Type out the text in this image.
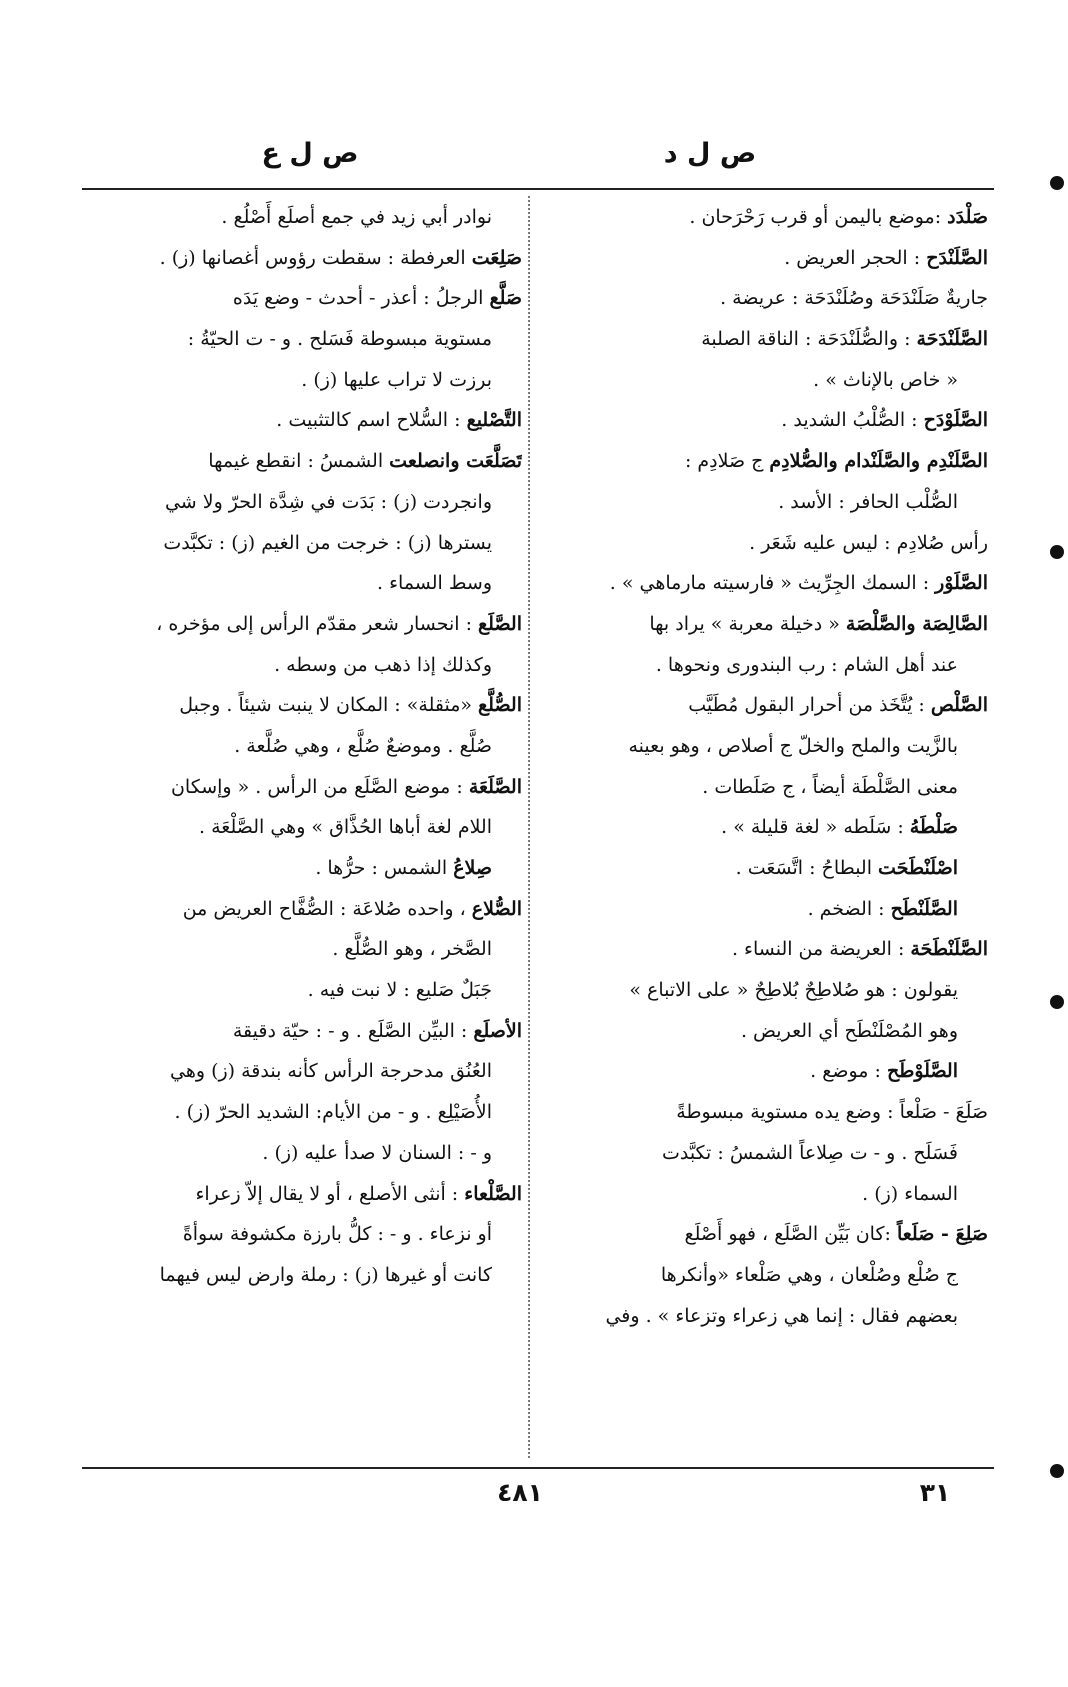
ص ل د
ص ل ع
صَلْدَد :موضع باليمن أو قرب رَحْرَحان .
الصَّلَنْدَح : الحجر العريض .
جاريةٌ صَلَنْدَحَة وصُلَنْدَحَة : عريضة .
الصَّلَنْدَحَة : والصُّلَنْدَحَة : الناقة الصلبة
« خاص بالإناث » .
الصَّلَوْدَح : الصُّلْبُ الشديد .
الصَّلَنْدِم والصَّلَنْدام والصُّلادِم ج صَلادِم :
الصُّلْب الحافر : الأسد .
رأس صُلادِم : ليس عليه شَعَر .
الصَّلَوْر : السمك الجِرِّيث « فارسيته مارماهي » .
الصَّالِصَة والصَّلْصَة « دخيلة معربة » يراد بها
عند أهل الشام : رب البندورى ونحوها .
الصَّلْص : يُتَّخَذ من أحرار البقول مُطَيَّب
بالزَّيت والملح والخلّ ج أصلاص ، وهو بعينه
معنى الصَّلْطَة أيضاً ، ج صَلَطات .
صَلْطَهُ : سَلَطه « لغة قليلة » .
اصْلَنْطَحَت البطاحُ : اتَّسَعَت .
الصَّلَنْطَح : الضخم .
الصَّلَنْطَحَة : العريضة من النساء .
يقولون : هو صُلاطِحٌ بُلاطِحٌ « على الاتباع »
وهو المُصْلَنْطَح أي العريض .
الصَّلَوْطَح : موضع .
صَلَعَ - صَلْعاً : وضع يده مستوية مبسوطةً
فَسَلَح . و - ت صِلاعاً الشمسُ : تكبَّدت
السماء (ز) .
صَلِعَ - صَلَعاً :كان بَيِّن الصَّلَع ، فهو أَصْلَع
ج صُلْع وصُلْعان ، وهي صَلْعاء «وأنكرها
بعضهم فقال : إنما هي زعراء وتزعاء » . وفي
نوادر أبي زيد في جمع أصلَع أَصْلُع .
صَلِعَت العرفطة : سقطت رؤوس أغصانها (ز) .
صَلَّع الرجلُ : أعذر - أحدث - وضع يَدَه
مستوية مبسوطة فَسَلح . و - ت الحيّةُ :
برزت لا تراب عليها (ز) .
التَّصْليع : السُّلاح اسم كالتثبيت .
تَصَلَّعَت وانصلعت الشمسُ : انقطع غيمها
وانجردت (ز) : بَدَت في شِدَّة الحرّ ولا شي
يسترها (ز) : خرجت من الغيم (ز) : تكبَّدت
وسط السماء .
الصَّلَع : انحسار شعر مقدّم الرأس إلى مؤخره ،
وكذلك إذا ذهب من وسطه .
الصُّلَّع «مثقلة» : المكان لا ينبت شيئاً . وجبل
صُلَّع . وموضعٌ صُلَّع ، وهي صُلَّعة .
الصَّلَعَة : موضع الصَّلَع من الرأس . « وإسكان
اللام لغة أباها الحُذَّاق » وهي الصَّلْعَة .
صِلاعُ الشمس : حرُّها .
الصُّلاع ، واحده صُلاعَة : الصُّفَّاح العريض من
الصَّخر ، وهو الصُّلَّع .
جَبَلٌ صَليع : لا نبت فيه .
الأصلَع : البيِّن الصَّلَع . و - : حيّة دقيقة
العُنُق مدحرجة الرأس كأنه بندقة (ز) وهي
الأُصَيْلِع . و - من الأيام: الشديد الحرّ (ز) .
و - : السنان لا صدأ عليه (ز) .
الصَّلْعاء : أنثى الأصلع ، أو لا يقال إلاّ زعراء
أو نزعاء . و - : كلُّ بارزة مكشوفة سوأةً
كانت أو غيرها (ز) : رملة وارض ليس فيهما
٣١
٤٨١
